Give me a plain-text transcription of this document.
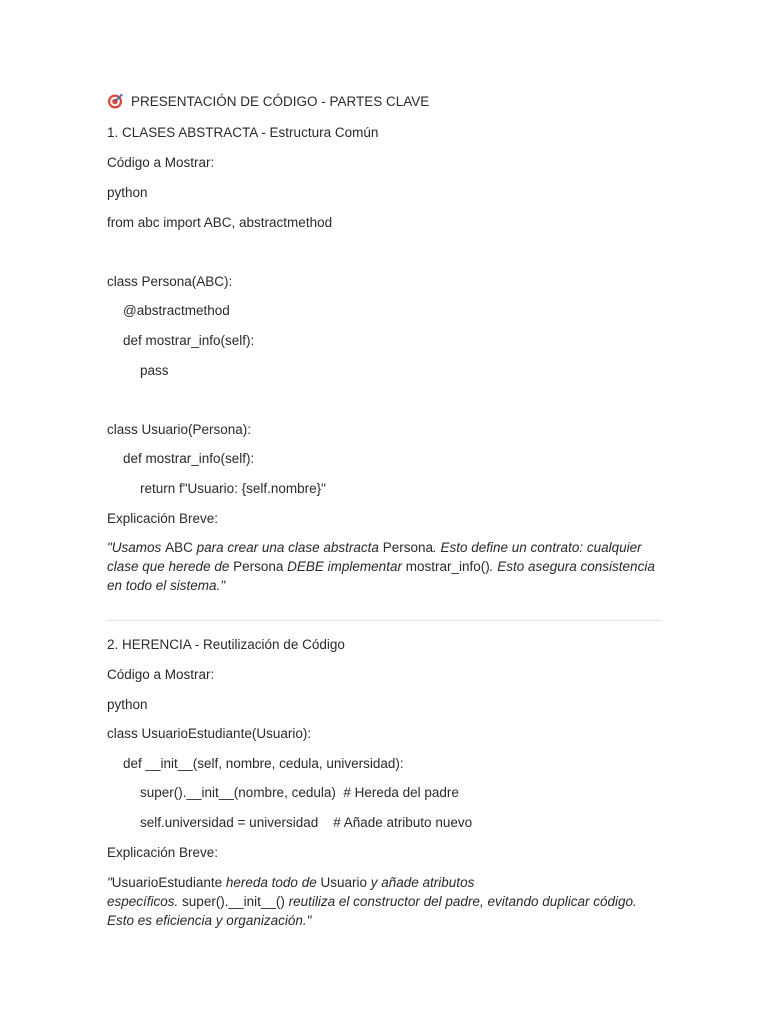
PRESENTACIÓN DE CÓDIGO - PARTES CLAVE
1. CLASES ABSTRACTA - Estructura Común
Código a Mostrar:
python
from abc import ABC, abstractmethod
class Persona(ABC):
@abstractmethod
def mostrar_info(self):
pass
class Usuario(Persona):
def mostrar_info(self):
return f"Usuario: {self.nombre}"
Explicación Breve:
"Usamos ABC para crear una clase abstracta Persona. Esto define un contrato: cualquier clase que herede de Persona DEBE implementar mostrar_info(). Esto asegura consistencia en todo el sistema."
2. HERENCIA - Reutilización de Código
Código a Mostrar:
python
class UsuarioEstudiante(Usuario):
def __init__(self, nombre, cedula, universidad):
super().__init__(nombre, cedula)  # Hereda del padre
self.universidad = universidad    # Añade atributo nuevo
Explicación Breve:
"UsuarioEstudiante hereda todo de Usuario y añade atributos
específicos. super().__init__() reutiliza el constructor del padre, evitando duplicar código. Esto es eficiencia y organización."
